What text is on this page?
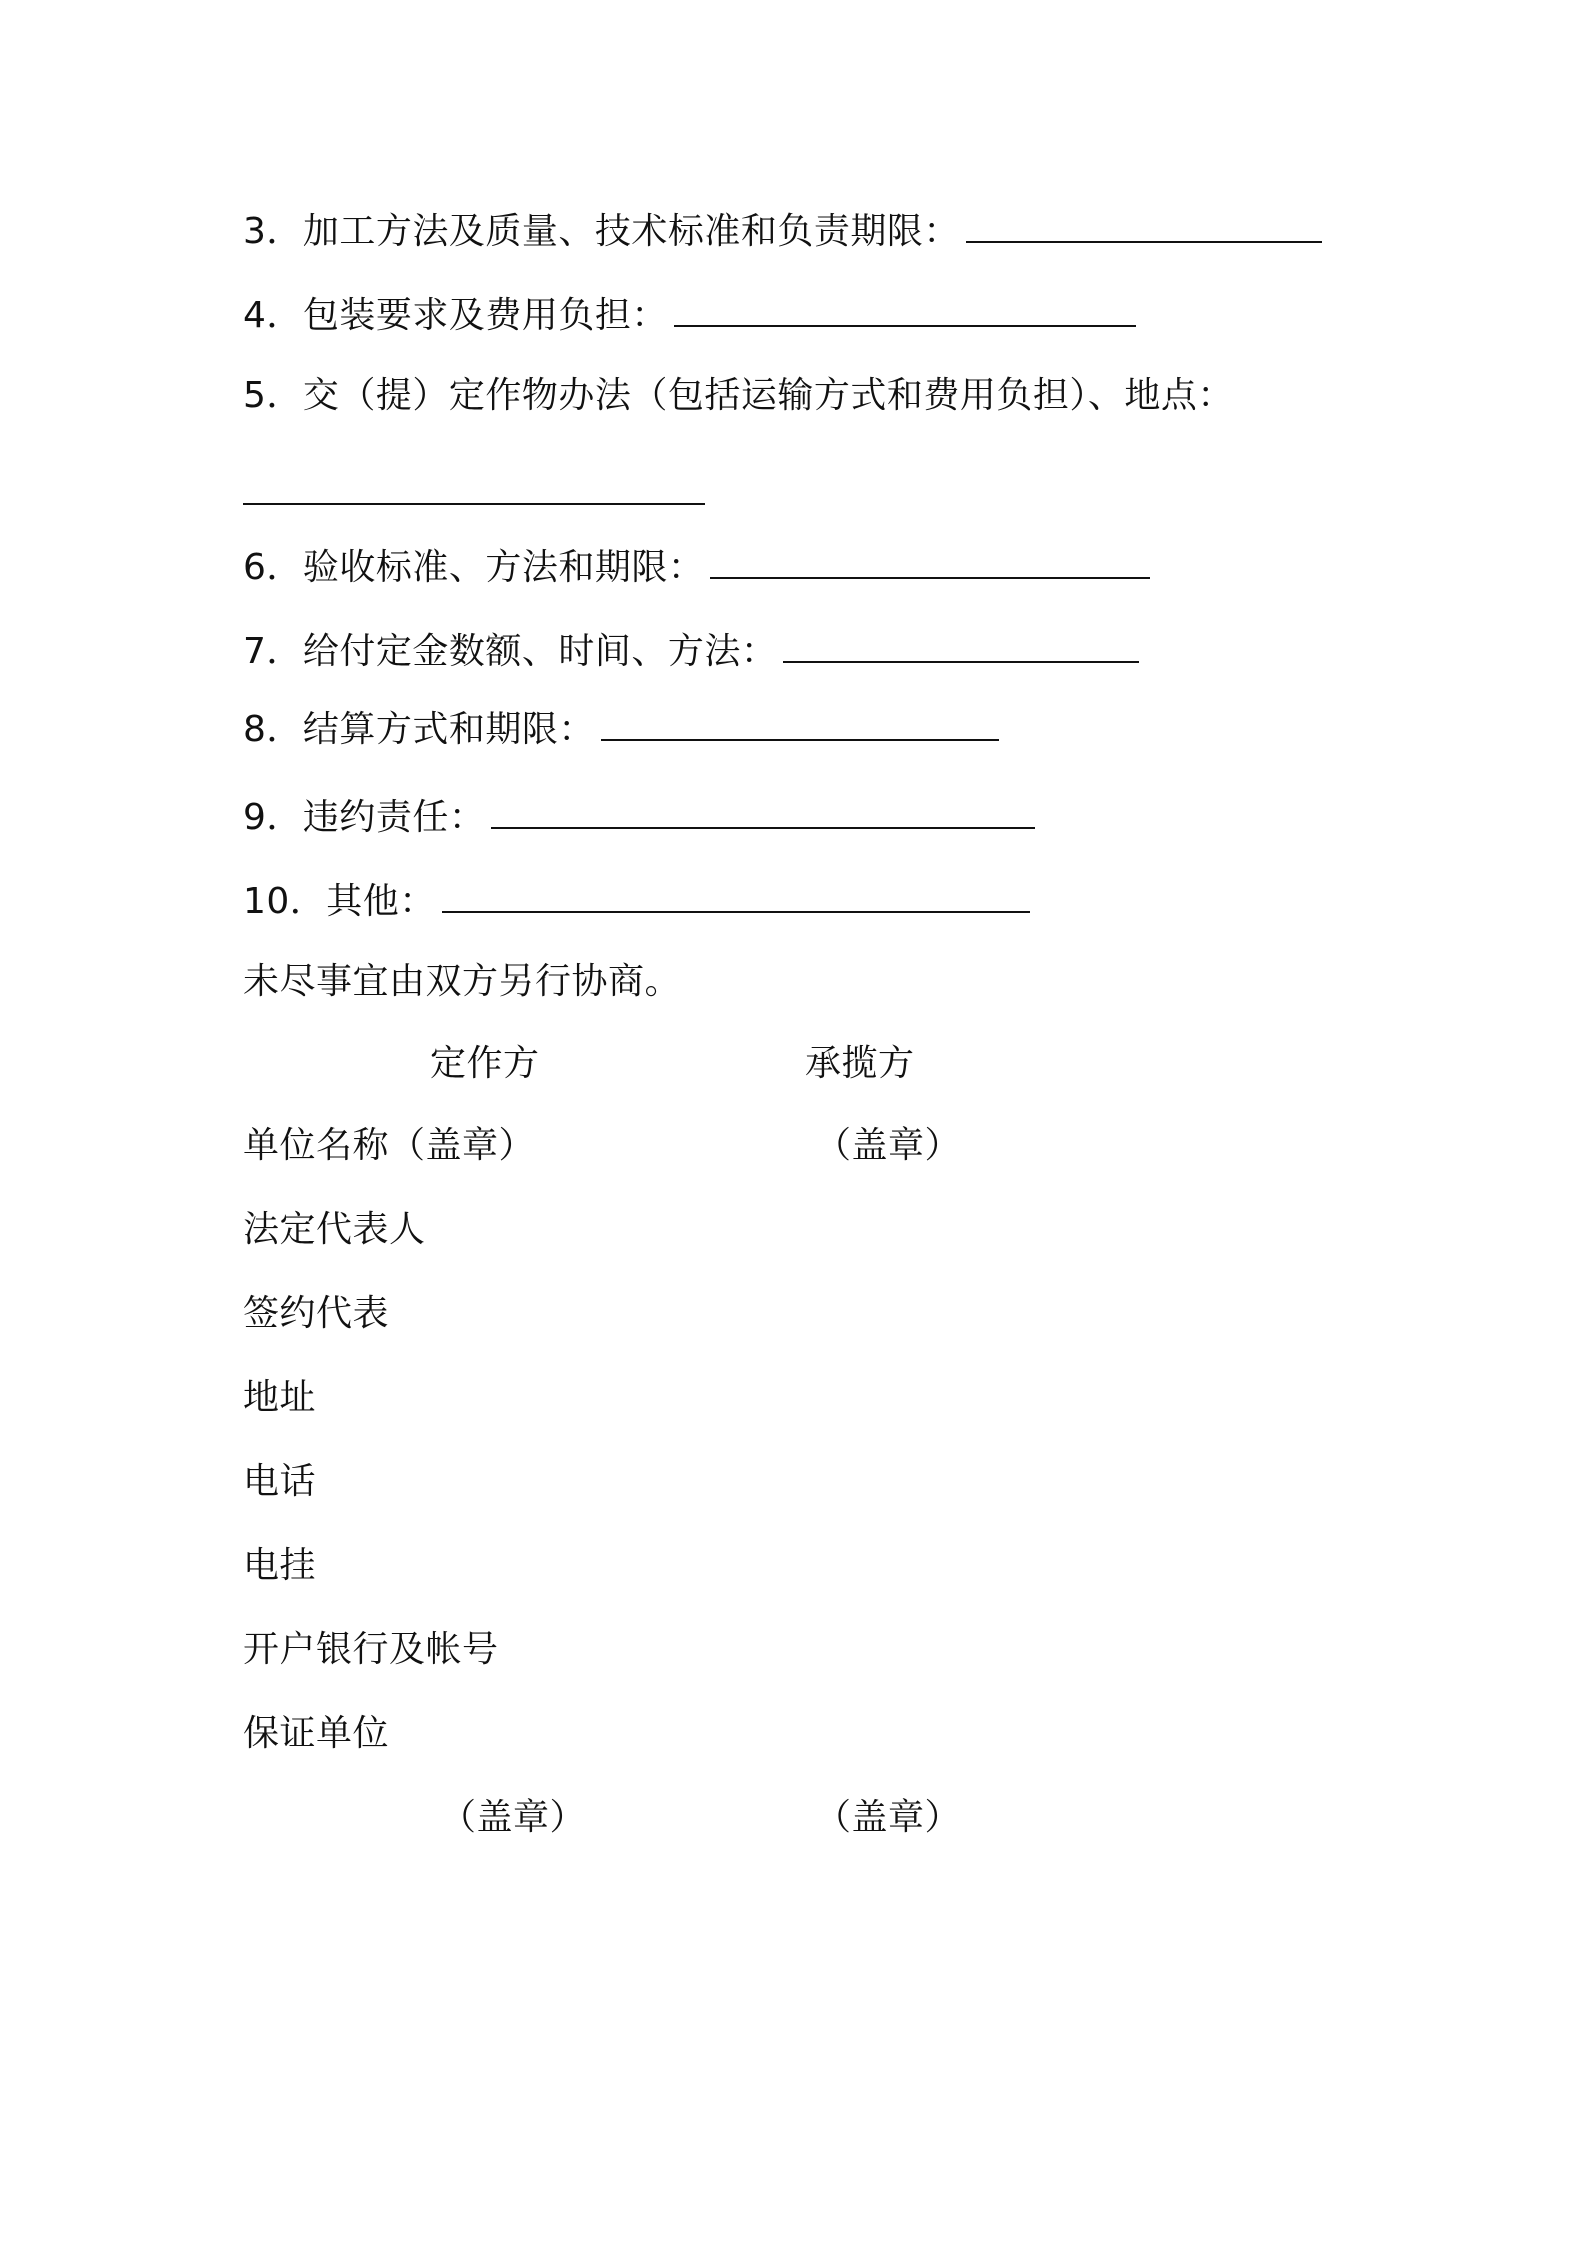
3．加工方法及质量、技术标准和负责期限：
4．包装要求及费用负担：
5．交（提）定作物办法（包括运输方式和费用负担）、地点：
6．验收标准、方法和期限：
7．给付定金数额、时间、方法：
8．结算方式和期限：
9．违约责任：
10．其他：
未尽事宜由双方另行协商。
定作方	承揽方
单位名称（盖章）	（盖章）
法定代表人
签约代表
地址
电话
电挂
开户银行及帐号
保证单位
（盖章）	（盖章）
